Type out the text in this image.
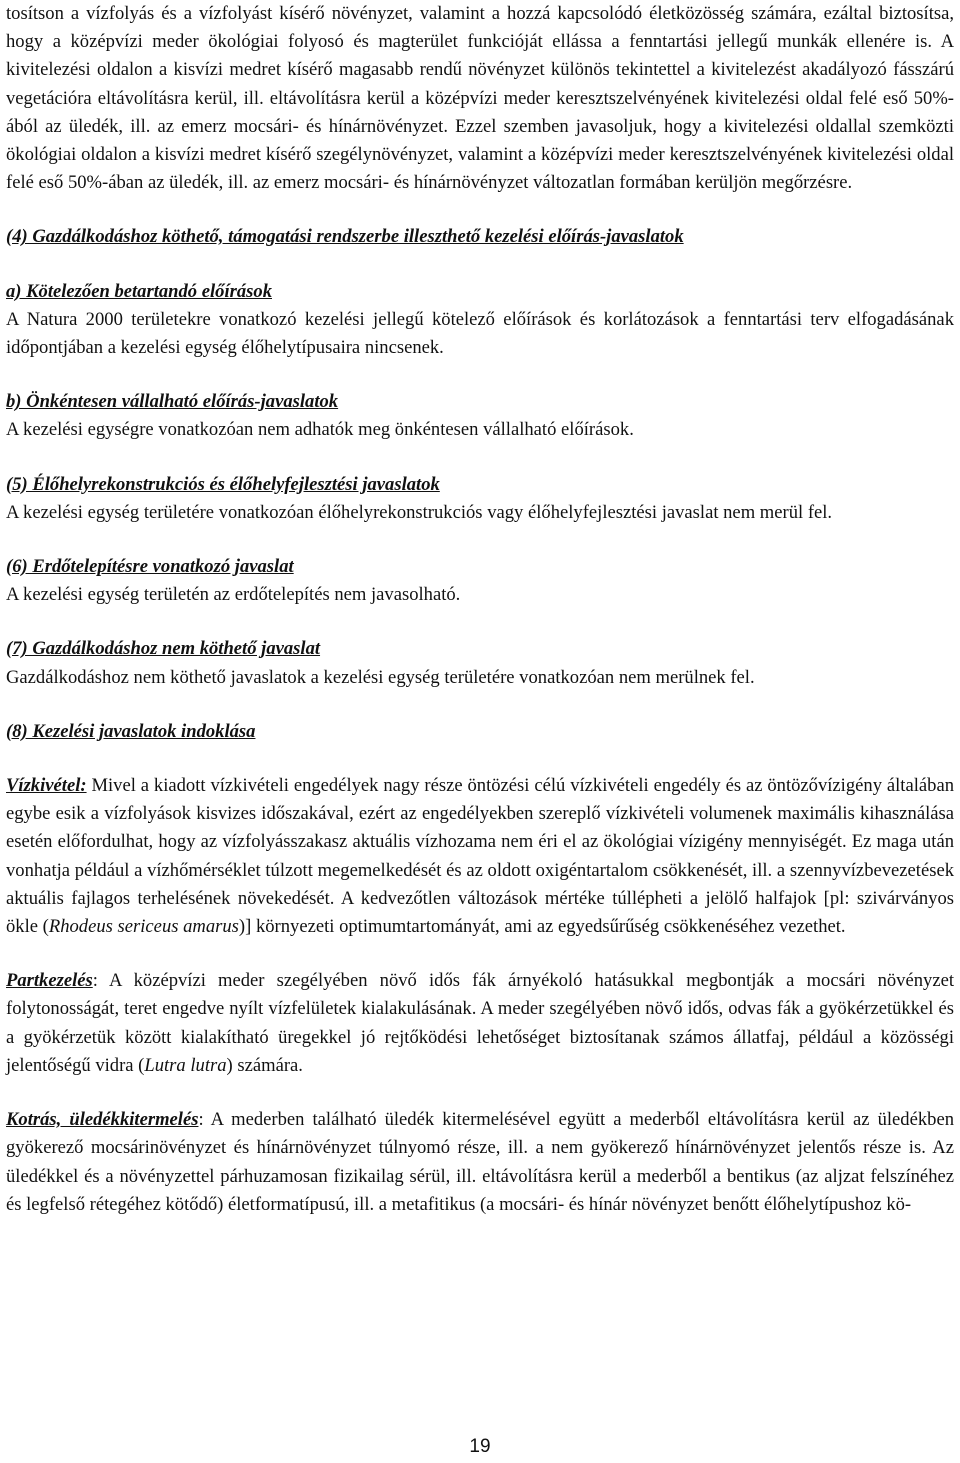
tosítson a vízfolyás és a vízfolyást kísérő növényzet, valamint a hozzá kapcsolódó életközösség számára, ezáltal biztosítsa, hogy a középvízi meder ökológiai folyosó és magterület funkcióját ellássa a fenntartási jellegű munkák ellenére is. A kivitelezési oldalon a kisvízi medret kísérő magasabb rendű növényzet különös tekintettel a kivitelezést akadályozó fásszárú vegetációra eltávolításra kerül, ill. eltávolításra kerül a középvízi meder keresztszelvényének kivitelezési oldal felé eső 50%-ából az üledék, ill. az emerz mocsári- és hínárnövényzet. Ezzel szemben javasoljuk, hogy a kivitelezési oldallal szemközti ökológiai oldalon a kisvízi medret kísérő szegélynövényzet, valamint a középvízi meder keresztszelvényének kivitelezési oldal felé eső 50%-ában az üledék, ill. az emerz mocsári- és hínárnövényzet változatlan formában kerüljön megőrzésre.

(4) Gazdálkodáshoz köthető, támogatási rendszerbe illeszthető kezelési előírás-javaslatok

a) Kötelezően betartandó előírások

A Natura 2000 területekre vonatkozó kezelési jellegű kötelező előírások és korlátozások a fenntartási terv elfogadásának időpontjában a kezelési egység élőhelytípusaira nincsenek.

b) Önkéntesen vállalható előírás-javaslatok

A kezelési egységre vonatkozóan nem adhatók meg önkéntesen vállalható előírások.

(5) Élőhelyrekonstrukciós és élőhelyfejlesztési javaslatok

A kezelési egység területére vonatkozóan élőhelyrekonstrukciós vagy élőhelyfejlesztési javaslat nem merül fel.

(6) Erdőtelepítésre vonatkozó javaslat

A kezelési egység területén az erdőtelepítés nem javasolható.

(7) Gazdálkodáshoz nem köthető javaslat

Gazdálkodáshoz nem köthető javaslatok a kezelési egység területére vonatkozóan nem merülnek fel.

(8) Kezelési javaslatok indoklása

Vízkivétel: Mivel a kiadott vízkivételi engedélyek nagy része öntözési célú vízkivételi engedély és az öntözővízigény általában egybe esik a vízfolyások kisvizes időszakával, ezért az engedélyekben szereplő vízkivételi volumenek maximális kihasználása esetén előfordulhat, hogy az vízfolyásszakasz aktuális vízhozama nem éri el az ökológiai vízigény mennyiségét. Ez maga után vonhatja például a vízhőmérséklet túlzott megemelkedését és az oldott oxigéntartalom csökkenését, ill. a szennyvízbevezetések aktuális fajlagos terhelésének növekedését. A kedvezőtlen változások mértéke túllépheti a jelölő halfajok [pl: szivárványos ökle (Rhodeus sericeus amarus)] környezeti optimumtartományát, ami az egyedsűrűség csökkenéséhez vezethet.

Partkezelés: A középvízi meder szegélyében növő idős fák árnyékoló hatásukkal megbontják a mocsári növényzet folytonosságát, teret engedve nyílt vízfelületek kialakulásának. A meder szegélyében növő idős, odvas fák a gyökérzetükkel és a gyökérzetük között kialakítható üregekkel jó rejtőködési lehetőséget biztosítanak számos állatfaj, például a közösségi jelentőségű vidra (Lutra lutra) számára.

Kotrás, üledékkitermelés: A mederben található üledék kitermelésével együtt a mederből eltávolításra kerül az üledékben gyökerező mocsárinövényzet és hínárnövényzet túlnyomó része, ill. a nem gyökerező hínárnövényzet jelentős része is. Az üledékkel és a növényzettel párhuzamosan fizikailag sérül, ill. eltávolításra kerül a mederből a bentikus (az aljzat felszínéhez és legfelső rétegéhez kötődő) életformatípusú, ill. a metafitikus (a mocsári- és hínár növényzet benőtt élőhelytípushoz kö-

19
